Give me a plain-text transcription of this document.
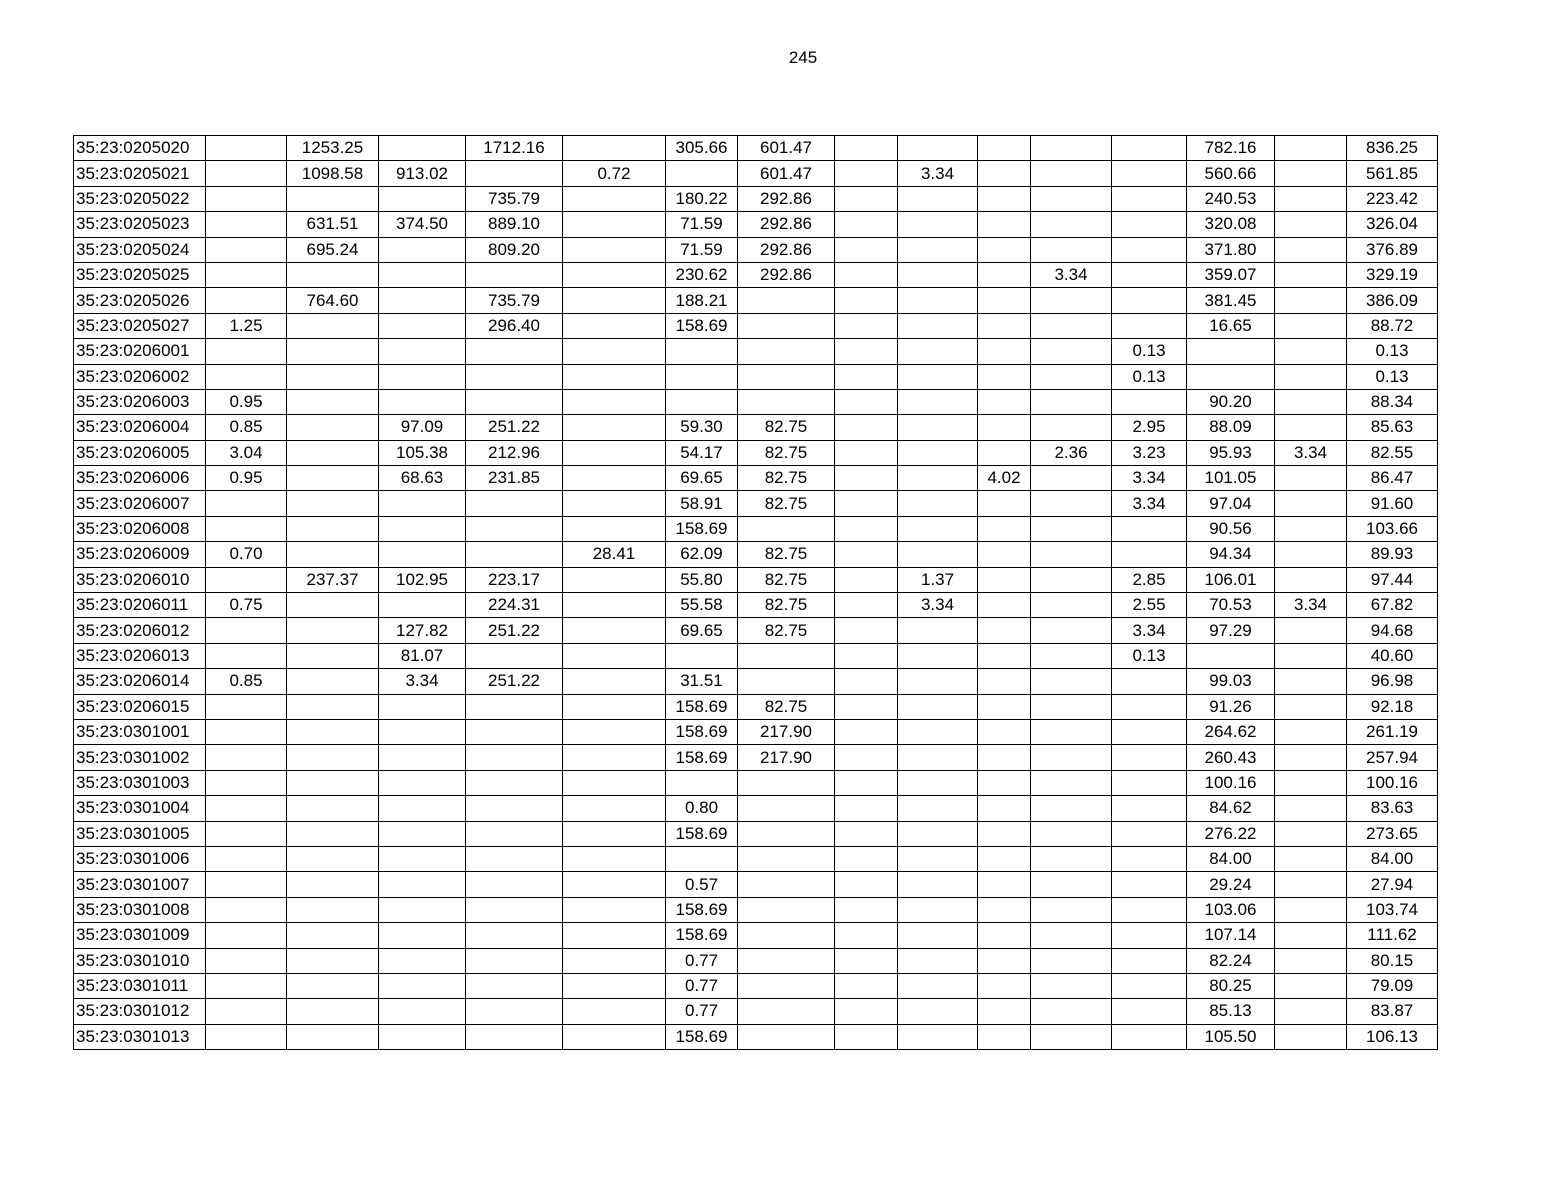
245
35:23:0205020		1253.25		1712.16		305.66	601.47						782.16		836.25
35:23:0205021		1098.58	913.02		0.72		601.47		3.34				560.66		561.85
35:23:0205022				735.79		180.22	292.86						240.53		223.42
35:23:0205023		631.51	374.50	889.10		71.59	292.86						320.08		326.04
35:23:0205024		695.24		809.20		71.59	292.86						371.80		376.89
35:23:0205025						230.62	292.86				3.34		359.07		329.19
35:23:0205026		764.60		735.79		188.21							381.45		386.09
35:23:0205027	1.25			296.40		158.69							16.65		88.72
35:23:0206001												0.13			0.13
35:23:0206002												0.13			0.13
35:23:0206003	0.95												90.20		88.34
35:23:0206004	0.85		97.09	251.22		59.30	82.75					2.95	88.09		85.63
35:23:0206005	3.04		105.38	212.96		54.17	82.75				2.36	3.23	95.93	3.34	82.55
35:23:0206006	0.95		68.63	231.85		69.65	82.75			4.02		3.34	101.05		86.47
35:23:0206007						58.91	82.75					3.34	97.04		91.60
35:23:0206008						158.69							90.56		103.66
35:23:0206009	0.70				28.41	62.09	82.75						94.34		89.93
35:23:0206010		237.37	102.95	223.17		55.80	82.75		1.37			2.85	106.01		97.44
35:23:0206011	0.75			224.31		55.58	82.75		3.34			2.55	70.53	3.34	67.82
35:23:0206012			127.82	251.22		69.65	82.75					3.34	97.29		94.68
35:23:0206013			81.07									0.13			40.60
35:23:0206014	0.85		3.34	251.22		31.51							99.03		96.98
35:23:0206015						158.69	82.75						91.26		92.18
35:23:0301001						158.69	217.90						264.62		261.19
35:23:0301002						158.69	217.90						260.43		257.94
35:23:0301003													100.16		100.16
35:23:0301004						0.80							84.62		83.63
35:23:0301005						158.69							276.22		273.65
35:23:0301006													84.00		84.00
35:23:0301007						0.57							29.24		27.94
35:23:0301008						158.69							103.06		103.74
35:23:0301009						158.69							107.14		111.62
35:23:0301010						0.77							82.24		80.15
35:23:0301011						0.77							80.25		79.09
35:23:0301012						0.77							85.13		83.87
35:23:0301013						158.69							105.50		106.13
